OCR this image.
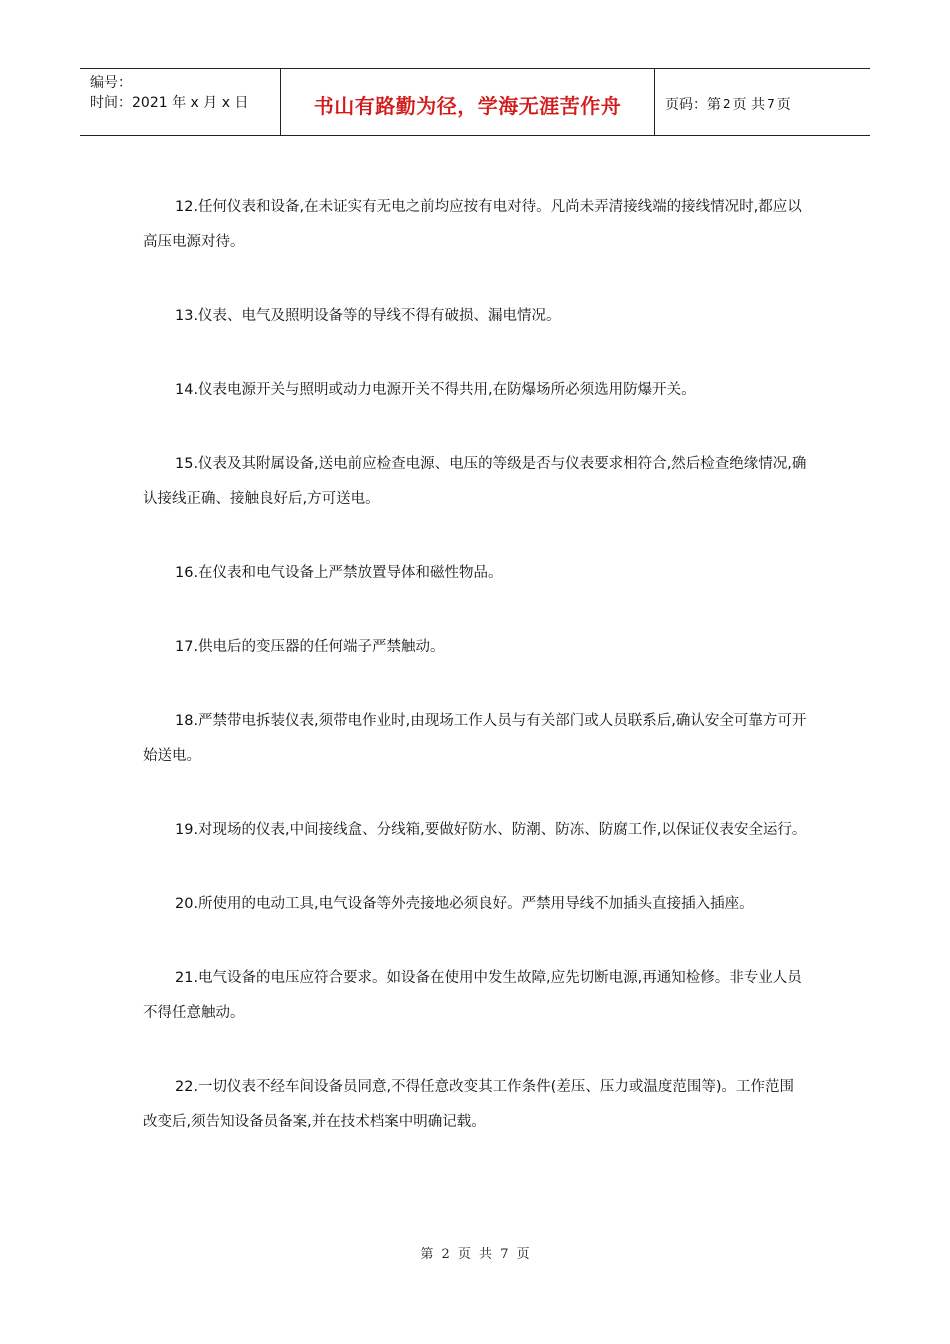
编号：
时间：2021 年 x 月 x 日	书山有路勤为径，学海无涯苦作舟	页码：第 2 页 共 7 页

12.任何仪表和设备,在未证实有无电之前均应按有电对待。凡尚未弄清接线端的接线情况时,都应以高压电源对待。

13.仪表、电气及照明设备等的导线不得有破损、漏电情况。

14.仪表电源开关与照明或动力电源开关不得共用,在防爆场所必须选用防爆开关。

15.仪表及其附属设备,送电前应检查电源、电压的等级是否与仪表要求相符合,然后检查绝缘情况,确认接线正确、接触良好后,方可送电。

16.在仪表和电气设备上严禁放置导体和磁性物品。

17.供电后的变压器的任何端子严禁触动。

18.严禁带电拆装仪表,须带电作业时,由现场工作人员与有关部门或人员联系后,确认安全可靠方可开始送电。

19.对现场的仪表,中间接线盒、分线箱,要做好防水、防潮、防冻、防腐工作,以保证仪表安全运行。

20.所使用的电动工具,电气设备等外壳接地必须良好。严禁用导线不加插头直接插入插座。

21.电气设备的电压应符合要求。如设备在使用中发生故障,应先切断电源,再通知检修。非专业人员不得任意触动。

22.一切仪表不经车间设备员同意,不得任意改变其工作条件(差压、压力或温度范围等)。工作范围改变后,须告知设备员备案,并在技术档案中明确记载。

第 2 页 共 7 页
